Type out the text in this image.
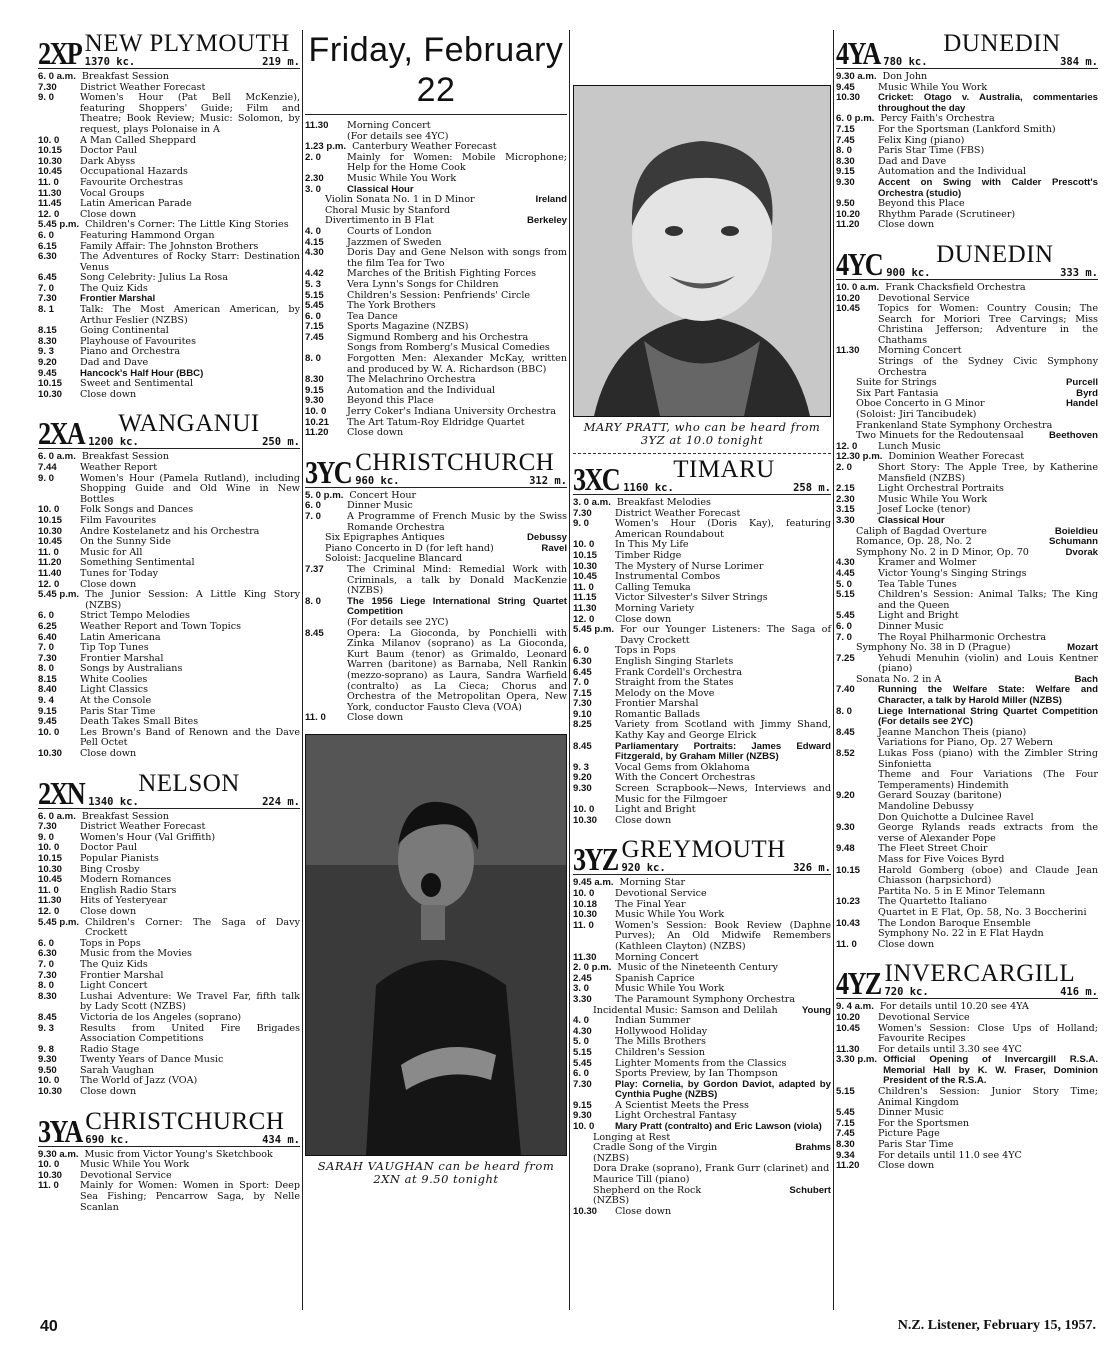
2XP NEW PLYMOUTH
1370 kc.	219 m.
6. 0 a.m. Breakfast Session
7.30	District Weather Forecast
9. 0	Women's Hour (Pat Bell McKenzie), featuring Shoppers' Guide; Film and Theatre; Book Review; Music: Solomon, by request, plays Polonaise in A
10. 0	A Man Called Sheppard
10.15	Doctor Paul
10.30	Dark Abyss
10.45	Occupational Hazards
11. 0	Favourite Orchestras
11.30	Vocal Groups
11.45	Latin American Parade
12. 0	Close down
5.45 p.m. Children's Corner: The Little King Stories
6. 0	Featuring Hammond Organ
6.15	Family Affair: The Johnston Brothers
6.30	The Adventures of Rocky Starr: Destination Venus
6.45	Song Celebrity: Julius La Rosa
7. 0	The Quiz Kids
7.30	Frontier Marshal
8. 1	Talk: The Most American American, by Arthur Feslier (NZBS)
8.15	Going Continental
8.30	Playhouse of Favourites
9. 3	Piano and Orchestra
9.20	Dad and Dave
9.45	Hancock's Half Hour (BBC)
10.15	Sweet and Sentimental
10.30	Close down
2XA	WANGANUI
1200 kc.	250 m.
6. 0 a.m. Breakfast Session
7.44	Weather Report
9. 0	Women's Hour (Pamela Rutland), including Shopping Guide and Old Wine in New Bottles
10. 0	Folk Songs and Dances
10.15	Film Favourites
10.30	Andre Kostelanetz and his Orchestra
10.45	On the Sunny Side
11. 0	Music for All
11.20	Something Sentimental
11.40	Tunes for Today
12. 0	Close down
5.45 p.m. The Junior Session: A Little King Story (NZBS)
6. 0	Strict Tempo Melodies
6.25	Weather Report and Town Topics
6.40	Latin Americana
7. 0	Tip Top Tunes
7.30	Frontier Marshal
8. 0	Songs by Australians
8.15	White Coolies
8.40	Light Classics
9. 4	At the Console
9.15	Paris Star Time
9.45	Death Takes Small Bites
10. 0	Les Brown's Band of Renown and the Dave Pell Octet
10.30	Close down
2XN	NELSON
1340 kc.	224 m.
6. 0 a.m. Breakfast Session
7.30	District Weather Forecast
9. 0	Women's Hour (Val Griffith)
10. 0	Doctor Paul
10.15	Popular Pianists
10.30	Bing Crosby
10.45	Modern Romances
11. 0	English Radio Stars
11.30	Hits of Yesteryear
12. 0	Close down
5.45 p.m. Children's Corner: The Saga of Davy Crockett
6. 0	Tops in Pops
6.30	Music from the Movies
7. 0	The Quiz Kids
7.30	Frontier Marshal
8. 0	Light Concert
8.30	Lushai Adventure: We Travel Far, fifth talk by Lady Scott (NZBS)
8.45	Victoria de los Angeles (soprano)
9. 3	Results from United Fire Brigades Association Competitions
9. 8	Radio Stage
9.30	Twenty Years of Dance Music
9.50	Sarah Vaughan
10. 0	The World of Jazz (VOA)
10.30	Close down
3YA CHRISTCHURCH
690 kc.	434 m.
9.30 a.m. Music from Victor Young's Sketchbook
10. 0	Music While You Work
10.30	Devotional Service
11. 0	Mainly for Women: Women in Sport: Deep Sea Fishing; Pencarrow Saga, by Nelle Scanlan
Friday, February 22
11.30	Morning Concert
(For details see 4YC)
1.23 p.m. Canterbury Weather Forecast
2. 0	Mainly for Women: Mobile Microphone; Help for the Home Cook
2.30	Music While You Work
3. 0	Classical Hour
Violin Sonata No. 1 in D Minor	Ireland
Choral Music by Stanford
Divertimento in B Flat	Berkeley
4. 0	Courts of London
4.15	Jazzmen of Sweden
4.30	Doris Day and Gene Nelson with songs from the film Tea for Two
4.42	Marches of the British Fighting Forces
5. 3	Vera Lynn's Songs for Children
5.15	Children's Session: Penfriends' Circle
5.45	The York Brothers
6. 0	Tea Dance
7.15	Sports Magazine (NZBS)
7.45	Sigmund Romberg and his Orchestra
Songs from Romberg's Musical Comedies
8. 0	Forgotten Men: Alexander McKay, written and produced by W. A. Richardson (BBC)
8.30	The Melachrino Orchestra
9.15	Automation and the Individual
9.30	Beyond this Place
10. 0	Jerry Coker's Indiana University Orchestra
10.21	The Art Tatum-Roy Eldridge Quartet
11.20	Close down
3YC CHRISTCHURCH
960 kc.	312 m.
5. 0 p.m. Concert Hour
6. 0	Dinner Music
7. 0	A Programme of French Music by the Swiss Romande Orchestra
Six Epigraphes Antiques	Debussy
Piano Concerto in D (for left hand)	Ravel
Soloist: Jacqueline Blancard
7.37	The Criminal Mind: Remedial Work with Criminals, a talk by Donald MacKenzie (NZBS)
8. 0	The 1956 Liege International String Quartet Competition
(For details see 2YC)
8.45	Opera: La Gioconda, by Ponchielli with Zinka Milanov (soprano) as La Gioconda, Kurt Baum (tenor) as Grimaldo, Leonard Warren (baritone) as Barnaba, Nell Rankin (mezzo-soprano) as Laura, Sandra Warfield (contralto) as La Cieca; Chorus and Orchestra of the Metropolitan Opera, New York, conductor Fausto Cleva (VOA)
11. 0	Close down
SARAH VAUGHAN can be heard from 2XN at 9.50 tonight
MARY PRATT, who can be heard from 3YZ at 10.0 tonight
3XC	TIMARU
1160 kc.	258 m.
3. 0 a.m. Breakfast Melodies
7.30	District Weather Forecast
9. 0	Women's Hour (Doris Kay), featuring American Roundabout
10. 0	In This My Life
10.15	Timber Ridge
10.30	The Mystery of Nurse Lorimer
10.45	Instrumental Combos
11. 0	Calling Temuka
11.15	Victor Silvester's Silver Strings
11.30	Morning Variety
12. 0	Close down
5.45 p.m. For our Younger Listeners: The Saga of Davy Crockett
6. 0	Tops in Pops
6.30	English Singing Starlets
6.45	Frank Cordell's Orchestra
7. 0	Straight from the States
7.15	Melody on the Move
7.30	Frontier Marshal
9.10	Romantic Ballads
8.25	Variety from Scotland with Jimmy Shand, Kathy Kay and George Elrick
8.45	Parliamentary Portraits: James Edward Fitzgerald, by Graham Miller (NZBS)
9. 3	Vocal Gems from Oklahoma
9.20	With the Concert Orchestras
9.30	Screen Scrapbook—News, Interviews and Music for the Filmgoer
10. 0	Light and Bright
10.30	Close down
3YZ GREYMOUTH
920 kc.	326 m.
9.45 a.m. Morning Star
10. 0	Devotional Service
10.18	The Final Year
10.30	Music While You Work
11. 0	Women's Session: Book Review (Daphne Purves); An Old Midwife Remembers (Kathleen Clayton) (NZBS)
11.30	Morning Concert
2. 0 p.m. Music of the Nineteenth Century
2.45	Spanish Caprice
3. 0	Music While You Work
3.30	The Paramount Symphony Orchestra
Incidental Music: Samson and Delilah	Young
4. 0	Indian Summer
4.30	Hollywood Holiday
5. 0	The Mills Brothers
5.15	Children's Session
5.45	Lighter Moments from the Classics
6. 0	Sports Preview, by Ian Thompson
7.30	Play: Cornelia, by Gordon Daviot, adapted by Cynthia Pughe (NZBS)
9.15	A Scientist Meets the Press
9.30	Light Orchestral Fantasy
10. 0	Mary Pratt (contralto) and Eric Lawson (viola)
Longing at Rest
Cradle Song of the Virgin	Brahms
(NZBS)
Dora Drake (soprano), Frank Gurr (clarinet) and Maurice Till (piano)
Shepherd on the Rock	Schubert
(NZBS)
10.30	Close down
4YA	DUNEDIN
780 kc.	384 m.
9.30 a.m. Don John
9.45	Music While You Work
10.30	Cricket: Otago v. Australia, commentaries throughout the day
6. 0 p.m. Percy Faith's Orchestra
7.15	For the Sportsman (Lankford Smith)
7.45	Felix King (piano)
8. 0	Paris Star Time (FBS)
8.30	Dad and Dave
9.15	Automation and the Individual
9.30	Accent on Swing with Calder Prescott's Orchestra (studio)
9.50	Beyond this Place
10.20	Rhythm Parade (Scrutineer)
11.20	Close down
4YC	DUNEDIN
900 kc.	333 m.
10. 0 a.m. Frank Chacksfield Orchestra
10.20	Devotional Service
10.45	Topics for Women: Country Cousin; The Search for Moriori Tree Carvings; Miss Christina Jefferson; Adventure in the Chathams
11.30	Morning Concert
Strings of the Sydney Civic Symphony Orchestra
Suite for Strings	Purcell
Six Part Fantasia	Byrd
Oboe Concerto in G Minor	Handel
(Soloist: Jiri Tancibudek)
Frankenland State Symphony Orchestra
Two Minuets for the Redoutensaal	Beethoven
12. 0	Lunch Music
12.30 p.m. Dominion Weather Forecast
2. 0	Short Story: The Apple Tree, by Katherine Mansfield (NZBS)
2.15	Light Orchestral Portraits
2.30	Music While You Work
3.15	Josef Locke (tenor)
3.30	Classical Hour
Caliph of Bagdad Overture	Boieldieu
Romance, Op. 28, No. 2	Schumann
Symphony No. 2 in D Minor, Op. 70	Dvorak
4.30	Kramer and Wolmer
4.45	Victor Young's Singing Strings
5. 0	Tea Table Tunes
5.15	Children's Session: Animal Talks; The King and the Queen
5.45	Light and Bright
6. 0	Dinner Music
7. 0	The Royal Philharmonic Orchestra
Symphony No. 38 in D (Prague)	Mozart
7.25	Yehudi Menuhin (violin) and Louis Kentner (piano)
Sonata No. 2 in A	Bach
7.40	Running the Welfare State: Welfare and Character, a talk by Harold Miller (NZBS)
8. 0	Liege International String Quartet Competition (For details see 2YC)
8.45	Jeanne Manchon Theis (piano)
Variations for Piano, Op. 27 Webern
8.52	Lukas Foss (piano) with the Zimbler String Sinfonietta
Theme and Four Variations (The Four Temperaments) Hindemith
9.20	Gerard Souzay (baritone)
Mandoline Debussy
Don Quichotte a Dulcinee Ravel
9.30	George Rylands reads extracts from the verse of Alexander Pope
9.48	The Fleet Street Choir
Mass for Five Voices Byrd
10.15	Harold Gomberg (oboe) and Claude Jean Chiasson (harpsichord)
Partita No. 5 in E Minor Telemann
10.23	The Quartetto Italiano
Quartet in E Flat, Op. 58, No. 3 Boccherini
10.43	The London Baroque Ensemble
Symphony No. 22 in E Flat Haydn
11. 0	Close down
4YZ INVERCARGILL
720 kc.	416 m.
9. 4 a.m. For details until 10.20 see 4YA
10.20	Devotional Service
10.45	Women's Session: Close Ups of Holland; Favourite Recipes
11.30	For details until 3.30 see 4YC
3.30 p.m. Official Opening of Invercargill R.S.A. Memorial Hall by K. W. Fraser, Dominion President of the R.S.A.
5.15	Children's Session: Junior Story Time; Animal Kingdom
5.45	Dinner Music
7.15	For the Sportsmen
7.45	Picture Page
8.30	Paris Star Time
9.34	For details until 11.0 see 4YC
11.20	Close down
40	N.Z. Listener, February 15, 1957.
